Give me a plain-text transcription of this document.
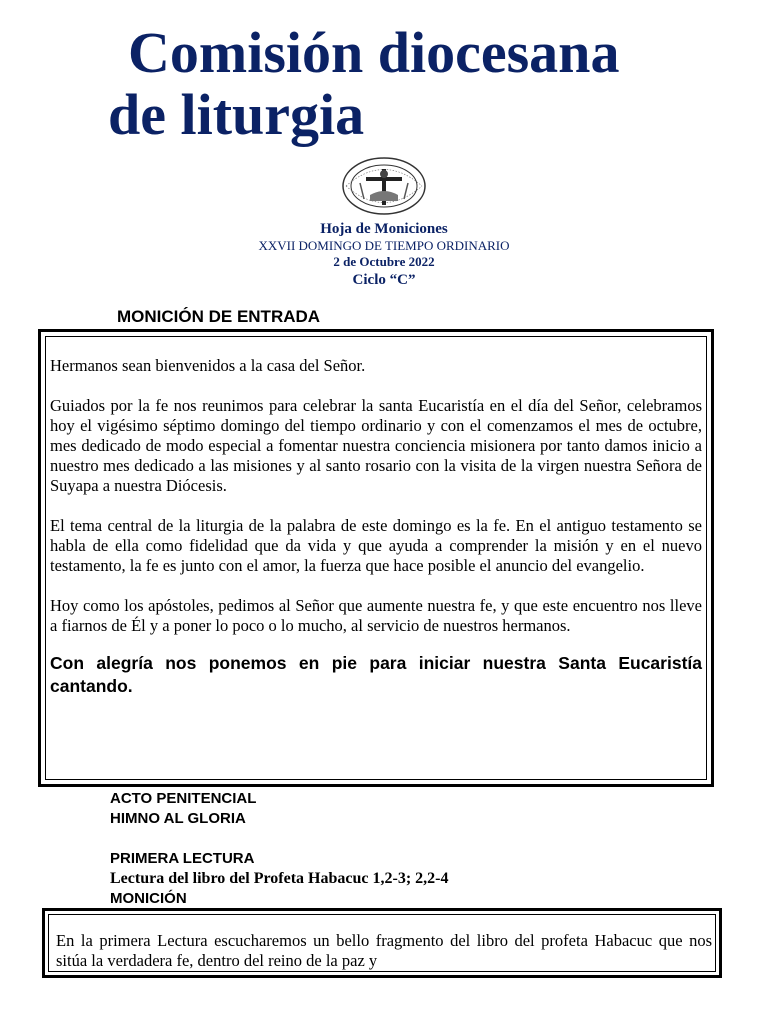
Comisión diocesana
de liturgia
Hoja de Moniciones
XXVII DOMINGO DE TIEMPO ORDINARIO
2 de Octubre 2022
Ciclo “C”
MONICIÓN DE ENTRADA

Hermanos sean bienvenidos a la casa del Señor.

Guiados por la fe nos reunimos para celebrar la santa Eucaristía en el día del Señor, celebramos hoy el vigésimo séptimo domingo del tiempo ordinario y con el comenzamos el mes de octubre, mes dedicado de modo especial a fomentar nuestra conciencia misionera por tanto damos inicio a nuestro mes dedicado a las misiones y al santo rosario con la visita de la virgen nuestra Señora de Suyapa a nuestra Diócesis.

El tema central de la liturgia de la palabra de este domingo es la fe. En el antiguo testamento se habla de ella como fidelidad que da vida y que ayuda a comprender la misión y en el nuevo testamento, la fe es junto con el amor, la fuerza que hace posible el anuncio del evangelio.

Hoy como los apóstoles, pedimos al Señor que aumente nuestra fe, y que este encuentro nos lleve a fiarnos de Él y a poner lo poco o lo mucho, al servicio de nuestros hermanos.

Con alegría nos ponemos en pie para iniciar nuestra Santa Eucaristía cantando.
ACTO PENITENCIAL
HIMNO AL GLORIA
PRIMERA LECTURA
Lectura del libro del Profeta Habacuc 1,2-3; 2,2-4
MONICIÓN
En la primera Lectura escucharemos un bello fragmento del libro del profeta Habacuc que nos sitúa la verdadera fe, dentro del reino de la paz y
